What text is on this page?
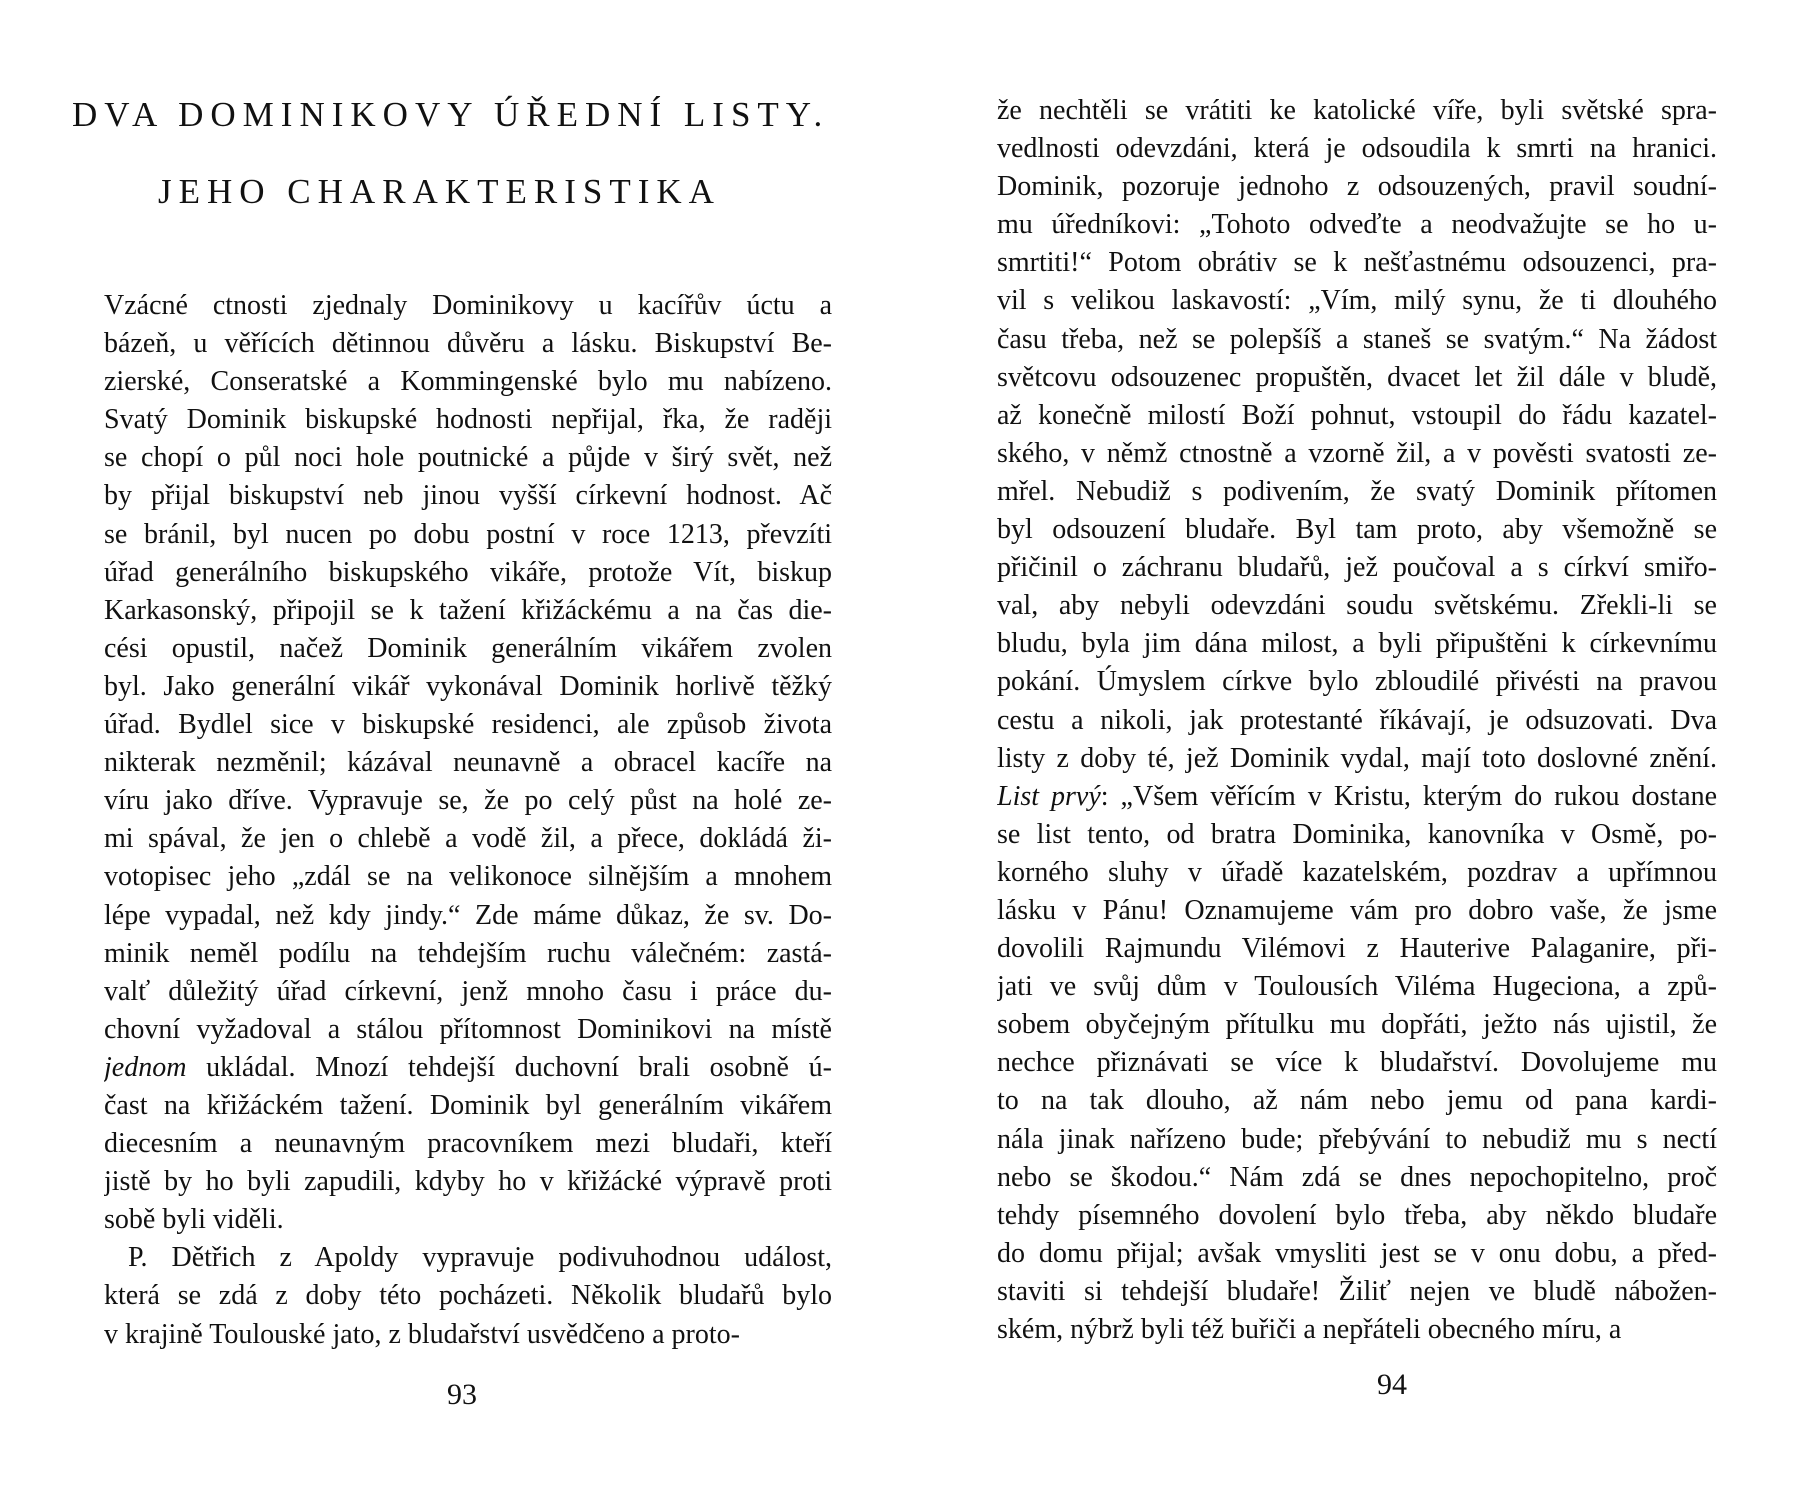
DVA DOMINIKOVY ÚŘEDNÍ LISTY.
JEHO CHARAKTERISTIKA
Vzácné ctnosti zjednaly Dominikovy u kacířův úctu a
bázeň, u věřících dětinnou důvěru a lásku. Biskupství Be-
zierské, Conseratské a Kommingenské bylo mu nabízeno.
Svatý Dominik biskupské hodnosti nepřijal, řka, že raději
se chopí o půl noci hole poutnické a půjde v širý svět, než
by přijal biskupství neb jinou vyšší církevní hodnost. Ač
se bránil, byl nucen po dobu postní v roce 1213, převzíti
úřad generálního biskupského vikáře, protože Vít, biskup
Karkasonský, připojil se k tažení křižáckému a na čas die-
cési opustil, načež Dominik generálním vikářem zvolen
byl. Jako generální vikář vykonával Dominik horlivě těžký
úřad. Bydlel sice v biskupské residenci, ale způsob života
nikterak nezměnil; kázával neunavně a obracel kacíře na
víru jako dříve. Vypravuje se, že po celý půst na holé ze-
mi spával, že jen o chlebě a vodě žil, a přece, dokládá ži-
votopisec jeho „zdál se na velikonoce silnějším a mnohem
lépe vypadal, než kdy jindy.“ Zde máme důkaz, že sv. Do-
minik neměl podílu na tehdejším ruchu válečném: zastá-
valť důležitý úřad církevní, jenž mnoho času i práce du-
chovní vyžadoval a stálou přítomnost Dominikovi na místě
jednom ukládal. Mnozí tehdejší duchovní brali osobně ú-
čast na křižáckém tažení. Dominik byl generálním vikářem
diecesním a neunavným pracovníkem mezi bludaři, kteří
jistě by ho byli zapudili, kdyby ho v křižácké výpravě proti
sobě byli viděli.
P. Dětřich z Apoldy vypravuje podivuhodnou událost,
která se zdá z doby této pocházeti. Několik bludařů bylo
v krajině Toulouské jato, z bludařství usvědčeno a proto-
93
že nechtěli se vrátiti ke katolické víře, byli světské spra-
vedlnosti odevzdáni, která je odsoudila k smrti na hranici.
Dominik, pozoruje jednoho z odsouzených, pravil soudní-
mu úředníkovi: „Tohoto odveďte a neodvažujte se ho u-
smrtiti!“ Potom obrátiv se k nešťastnému odsouzenci, pra-
vil s velikou laskavostí: „Vím, milý synu, že ti dlouhého
času třeba, než se polepšíš a staneš se svatým.“ Na žádost
světcovu odsouzenec propuštěn, dvacet let žil dále v bludě,
až konečně milostí Boží pohnut, vstoupil do řádu kazatel-
ského, v němž ctnostně a vzorně žil, a v pověsti svatosti ze-
mřel. Nebudiž s podivením, že svatý Dominik přítomen
byl odsouzení bludaře. Byl tam proto, aby všemožně se
přičinil o záchranu bludařů, jež poučoval a s církví smiřo-
val, aby nebyli odevzdáni soudu světskému. Zřekli-li se
bludu, byla jim dána milost, a byli připuštěni k církevnímu
pokání. Úmyslem církve bylo zbloudilé přivésti na pravou
cestu a nikoli, jak protestanté říkávají, je odsuzovati. Dva
listy z doby té, jež Dominik vydal, mají toto doslovné znění.
List prvý: „Všem věřícím v Kristu, kterým do rukou dostane
se list tento, od bratra Dominika, kanovníka v Osmě, po-
korného sluhy v úřadě kazatelském, pozdrav a upřímnou
lásku v Pánu! Oznamujeme vám pro dobro vaše, že jsme
dovolili Rajmundu Vilémovi z Hauterive Palaganire, při-
jati ve svůj dům v Toulousích Viléma Hugeciona, a způ-
sobem obyčejným přítulku mu dopřáti, ježto nás ujistil, že
nechce přiznávati se více k bludařství. Dovolujeme mu
to na tak dlouho, až nám nebo jemu od pana kardi-
nála jinak nařízeno bude; přebývání to nebudiž mu s nectí
nebo se škodou.“ Nám zdá se dnes nepochopitelno, proč
tehdy písemného dovolení bylo třeba, aby někdo bludaře
do domu přijal; avšak vmysliti jest se v onu dobu, a před-
staviti si tehdejší bludaře! Žiliť nejen ve bludě nábožen-
ském, nýbrž byli též buřiči a nepřáteli obecného míru, a
94
